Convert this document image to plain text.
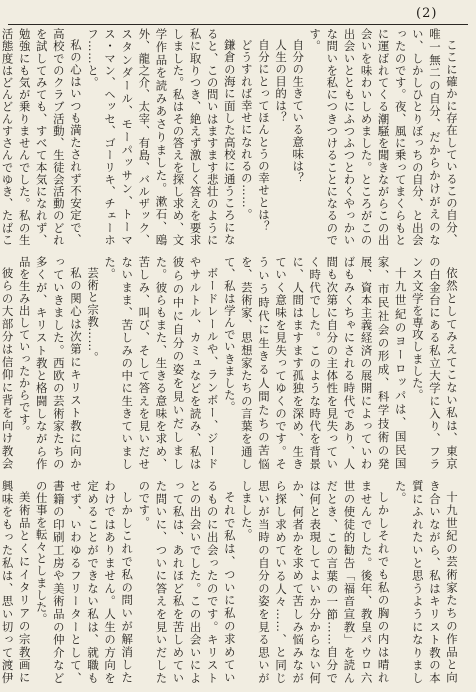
(2)

ここに確かに存在しているこの自分、唯一無二の自分、だからかけがえのない、しかしひとりぼっちの自分、と出会ったのです。夜、風に乗ってまくらもとに運ばれてくる潮騒を聞きながらこの出会いを味わいしめました。ところがこの出会いとともにふつふつとわくやっかいな問いを私につきつけることになるのです。

自分の生きている意味は？

人生の目的は？

自分にとってほんとうの幸せとは？

どうすれば幸せになれるの……。

鎌倉の海に面した高校に通うころになると、この問いはますます悲壮のように私に取りつき、絶えず激しく答えを要求しました。私はその答えを探し求め、文学作品を読みあさりました。漱石、鴎外、龍之介、太宰、有島、バルザック、スタンダール、モーパッサン、トーマス・マン、ヘッセ、ゴーリキ、チェーホフ……と。

私の心はいつも満たされず不安定で、高校でのクラブ活動、生徒会活動のどれを試してみても、すべて本気になれず、勉強にも気が乗りませんでした。私の生活態度はどんどんすさんでゆき、たばこ

依然としてみえてこない私は、東京の白金台にある私立大学に入り、フランス文学を専攻しました。

十九世紀のヨーロッパは、国民国家、市民社会の形成、科学技術の発展、資本主義経済の展開によっていわばもみくちゃにされる時代であり、人間も次第に自分の主体性を見失っていく時代でした。このような時代を背景に、人間はますます孤独を深め、生きていく意味を見失ってゆくのです。そういう時代に生きる人間たちの苦悩を、芸術家、思想家たちの言葉を通して、私は学んでいきました。

ボードレールや、ランボー、ジードやサルトル、カミュなどを読み、私は彼らの中に自分の姿を見いだしました。彼らもまた、生きる意味を求め、苦しみ、叫び、そして答えを見いだせないまま、苦しみの中に生きていました。

芸術と宗教……。

私の関心は次第にキリスト教に向かっていきました。西欧の芸術家たちの多くが、キリスト教と格闘しながら作品を生み出していったからです。

彼らの大部分は信仰に背を向け教会

十九世紀の芸術家たちの作品と向き合いながら、私はキリスト教の本質にふれたいと思うようになりました。

しかしそれでも私の胸の内は晴れませんでした。後年、教皇パウロ六世の使徒的勧告「福音宣教」を読んだとき、この言葉の一節……自分では何と表現してよいか分からない何か、何者かを求めて苦しみ悩みながら探し求めている人々……、と同じ思いが当時の自分の姿を見る思いがしました。

それで私は、ついに私の求めているものに出会ったのです。キリストとの出会いでした。この出会いによって私は、あれほど私を苦しめていた問いに、ついに答えを見いだしたのです。

しかしこれで私の問いが解消したわけではありません。人生の方向を定めることができない私は、就職もせず、いわゆるフリーターとして、書籍の印刷工房や美術品の仲介などの仕事を転々としました。

美術品とくにイタリアの宗教画に興味をもった私は、思い切って渡伊
